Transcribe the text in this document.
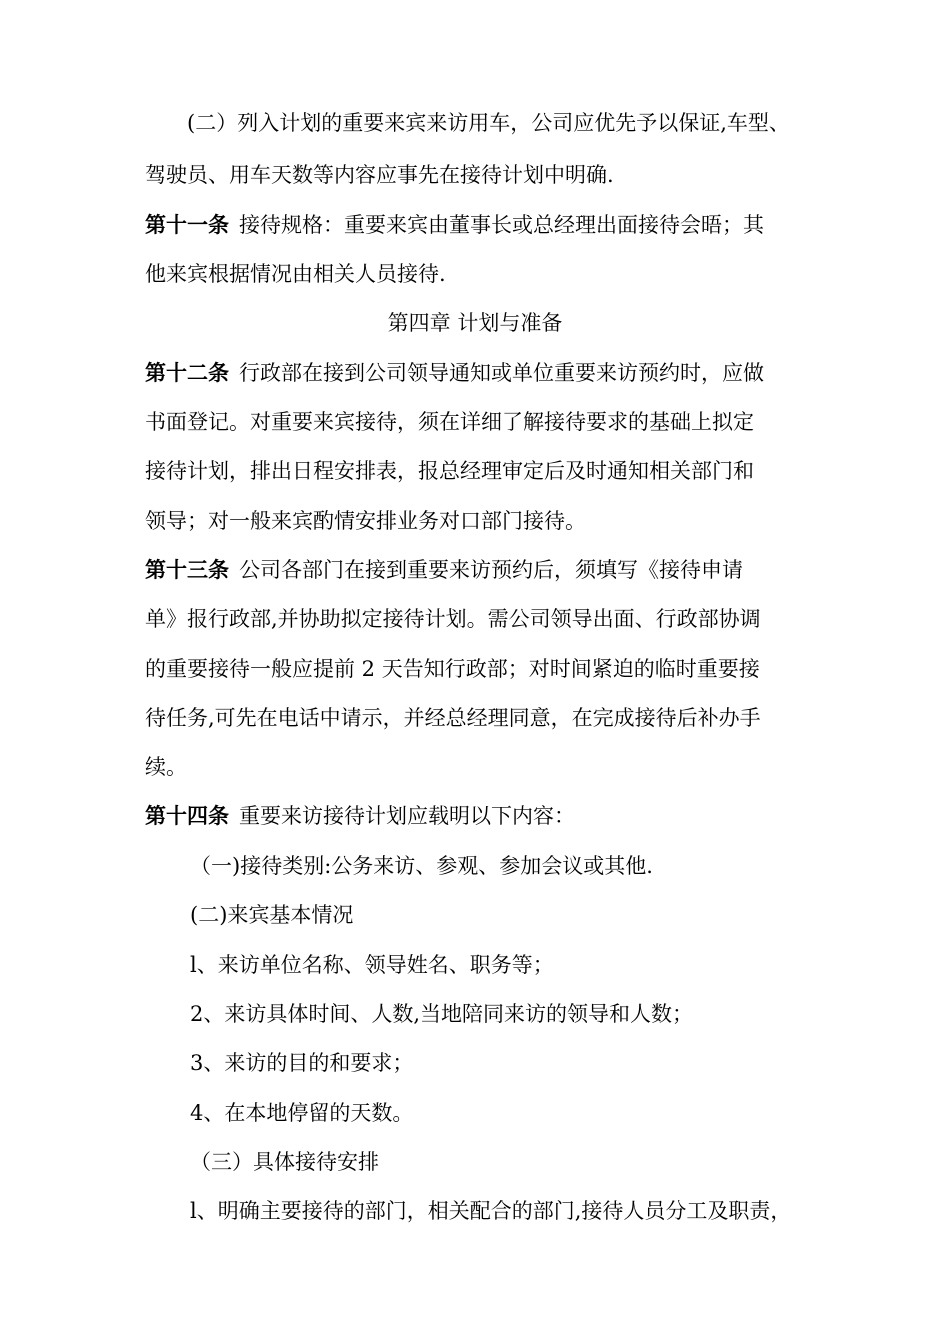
(二）列入计划的重要来宾来访用车，公司应优先予以保证,车型、
驾驶员、用车天数等内容应事先在接待计划中明确.
第十一条 接待规格：重要来宾由董事长或总经理出面接待会晤；其
他来宾根据情况由相关人员接待.
第四章 计划与准备
第十二条 行政部在接到公司领导通知或单位重要来访预约时，应做
书面登记。对重要来宾接待，须在详细了解接待要求的基础上拟定
接待计划，排出日程安排表，报总经理审定后及时通知相关部门和
领导；对一般来宾酌情安排业务对口部门接待。
第十三条 公司各部门在接到重要来访预约后，须填写《接待申请
单》报行政部,并协助拟定接待计划。需公司领导出面、行政部协调
的重要接待一般应提前 2 天告知行政部；对时间紧迫的临时重要接
待任务,可先在电话中请示，并经总经理同意，在完成接待后补办手
续。
第十四条 重要来访接待计划应载明以下内容：
（一)接待类别:公务来访、参观、参加会议或其他.
(二)来宾基本情况
l、来访单位名称、领导姓名、职务等；
2、来访具体时间、人数,当地陪同来访的领导和人数；
3、来访的目的和要求；
4、在本地停留的天数。
（三）具体接待安排
l、明确主要接待的部门，相关配合的部门,接待人员分工及职责，
